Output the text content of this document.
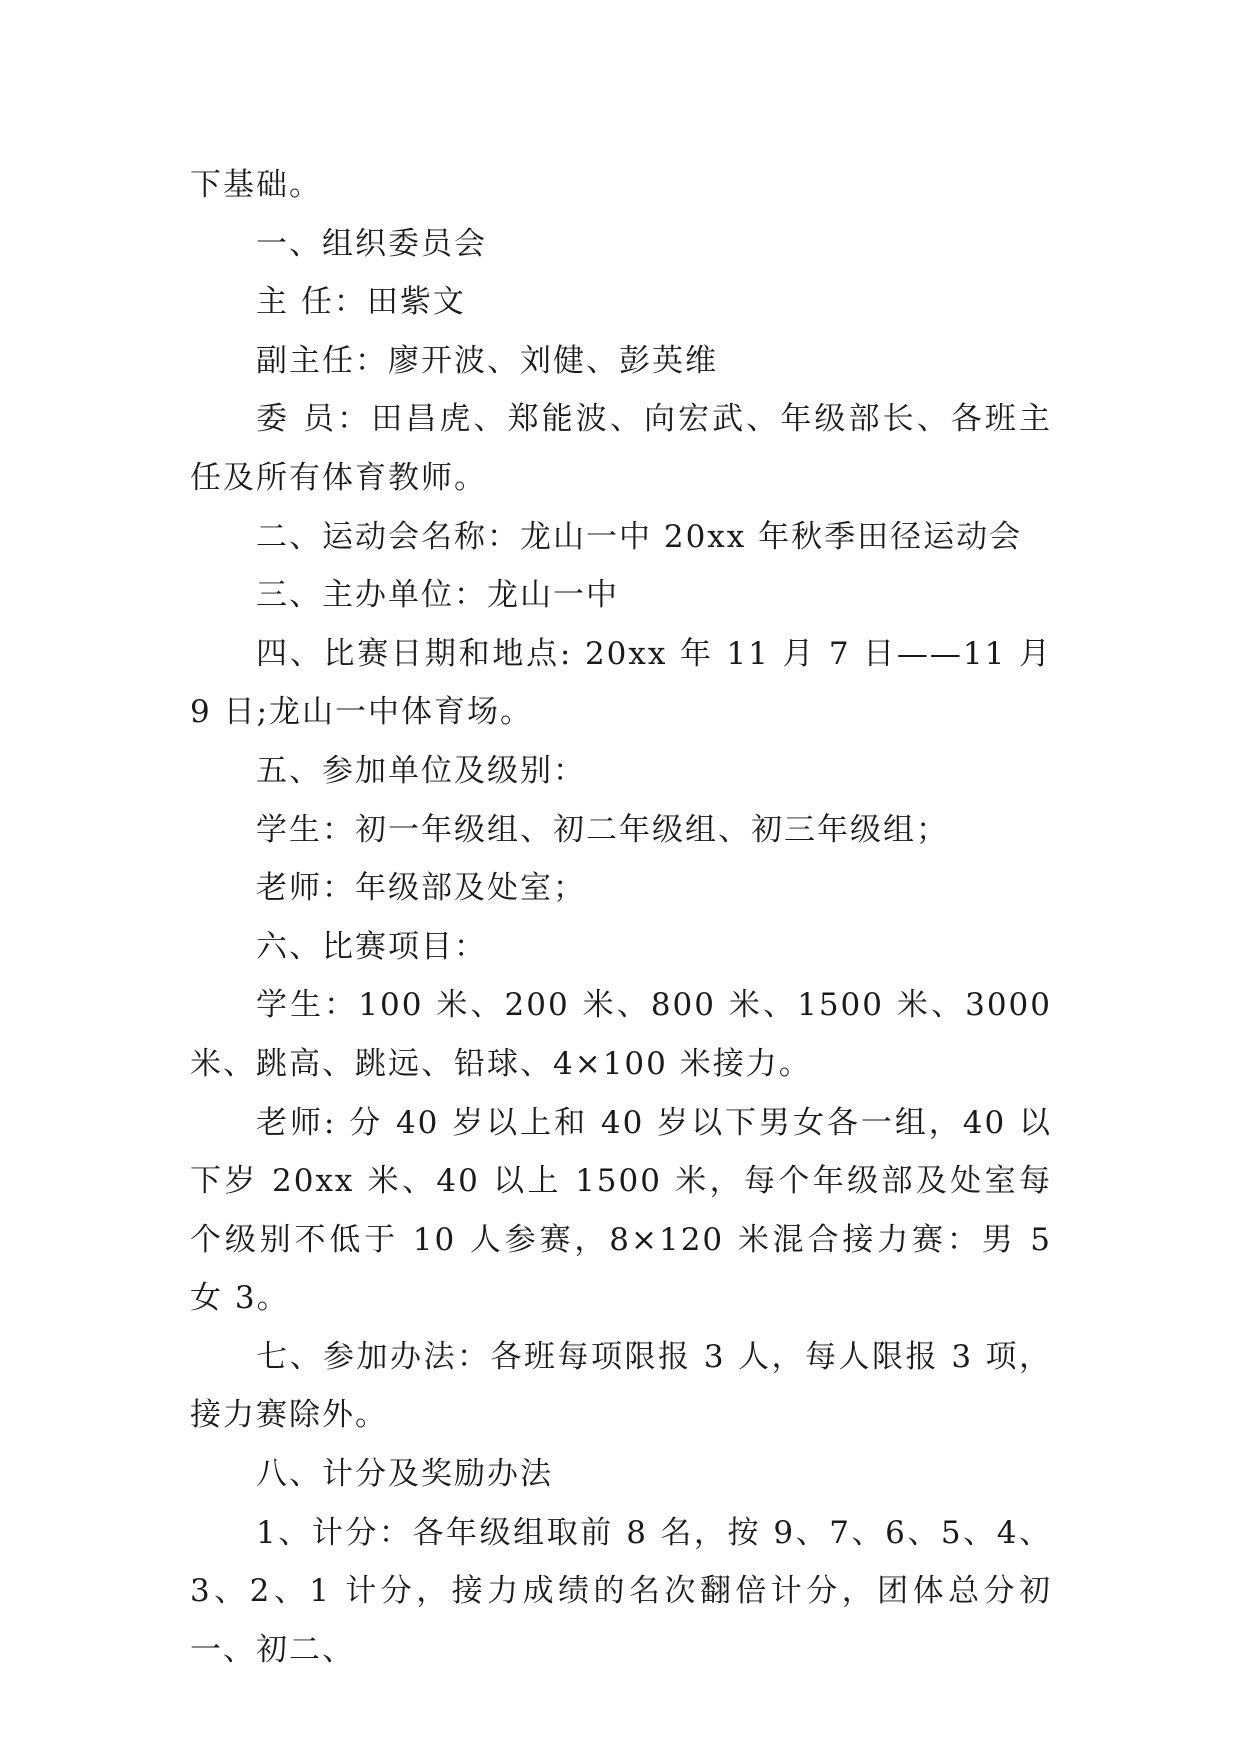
下基础。

一、组织委员会

主 任：田紫文

副主任：廖开波、刘健、彭英维

委 员：田昌虎、郑能波、向宏武、年级部长、各班主任及所有体育教师。

二、运动会名称：龙山一中 20xx 年秋季田径运动会

三、主办单位：龙山一中

四、比赛日期和地点: 20xx 年 11 月 7 日——11 月 9 日;龙山一中体育场。

五、参加单位及级别：

学生：初一年级组、初二年级组、初三年级组；

老师：年级部及处室；

六、比赛项目：

学生：100 米、200 米、800 米、1500 米、3000 米、跳高、跳远、铅球、4×100 米接力。

老师: 分 40 岁以上和 40 岁以下男女各一组，40 以下岁 20xx 米、40 以上 1500 米，每个年级部及处室每个级别不低于 10 人参赛，8×120 米混合接力赛：男 5 女 3。

七、参加办法：各班每项限报 3 人，每人限报 3 项，接力赛除外。

八、计分及奖励办法

1、计分：各年级组取前 8 名，按 9、7、6、5、4、3、2、1 计分，接力成绩的名次翻倍计分，团体总分初一、初二、
